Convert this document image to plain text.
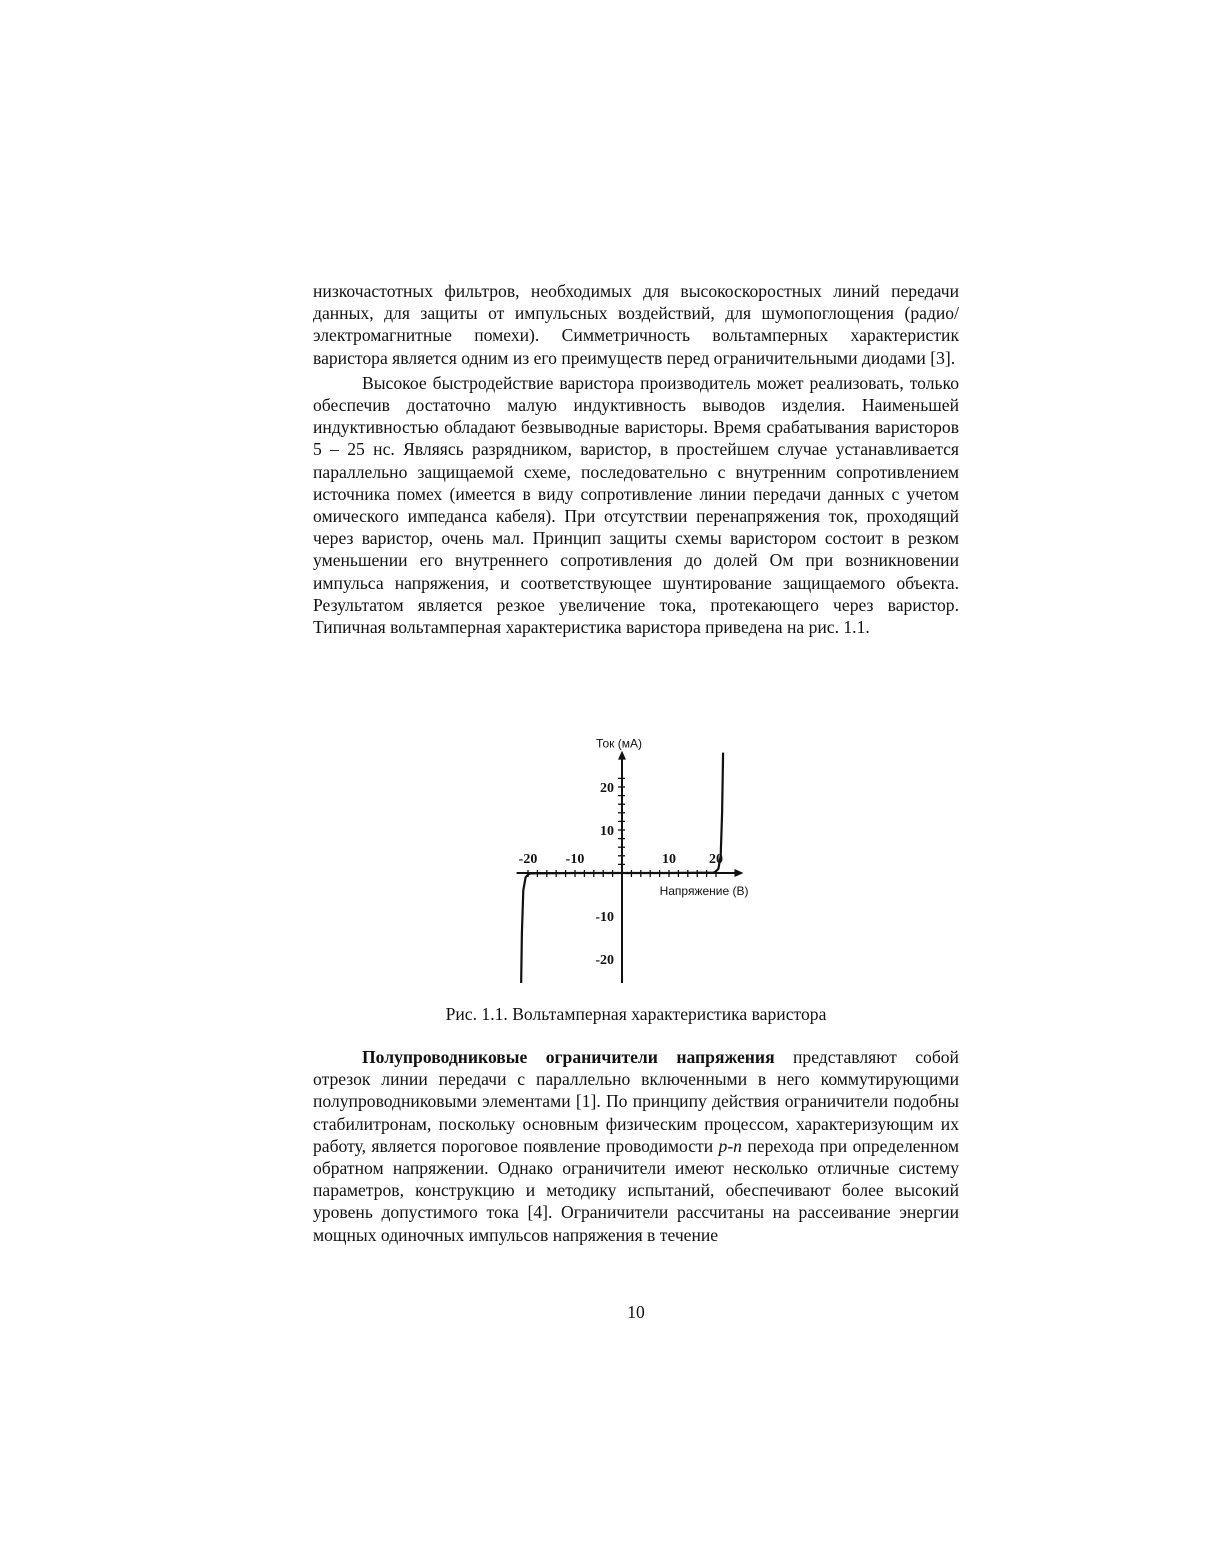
низкочастотных фильтров, необходимых для высокоскоростных линий передачи данных, для защиты от импульсных воздействий, для шумопоглощения (радио/электромагнитные помехи). Симметричность вольтамперных характеристик варистора является одним из его преимуществ перед ограничительными диодами [3].

Высокое быстродействие варистора производитель может реализовать, только обеспечив достаточно малую индуктивность выводов изделия. Наименьшей индуктивностью обладают безвыводные варисторы. Время срабатывания варисторов 5 – 25 нс. Являясь разрядником, варистор, в простейшем случае устанавливается параллельно защищаемой схеме, последовательно с внутренним сопротивлением источника помех (имеется в виду сопротивление линии передачи данных с учетом омического импеданса кабеля). При отсутствии перенапряжения ток, проходящий через варистор, очень мал. Принцип защиты схемы варистором состоит в резком уменьшении его внутреннего сопротивления до долей Ом при возникновении импульса напряжения, и соответствующее шунтирование защищаемого объекта. Результатом является резкое увеличение тока, протекающего через варистор. Типичная вольтамперная характеристика варистора приведена на рис. 1.1.

-20 -10	10 20
20
10
-10
-20
Ток (мА)
Напряжение (В)

Рис. 1.1. Вольтамперная характеристика варистора

Полупроводниковые ограничители напряжения представляют собой отрезок линии передачи с параллельно включенными в него коммутирующими полупроводниковыми элементами [1]. По принципу действия ограничители подобны стабилитронам, поскольку основным физическим процессом, характеризующим их работу, является пороговое появление проводимости p-n перехода при определенном обратном напряжении. Однако ограничители имеют несколько отличные систему параметров, конструкцию и методику испытаний, обеспечивают более высокий уровень допустимого тока [4]. Ограничители рассчитаны на рассеивание энергии мощных одиночных импульсов напряжения в течение

10
